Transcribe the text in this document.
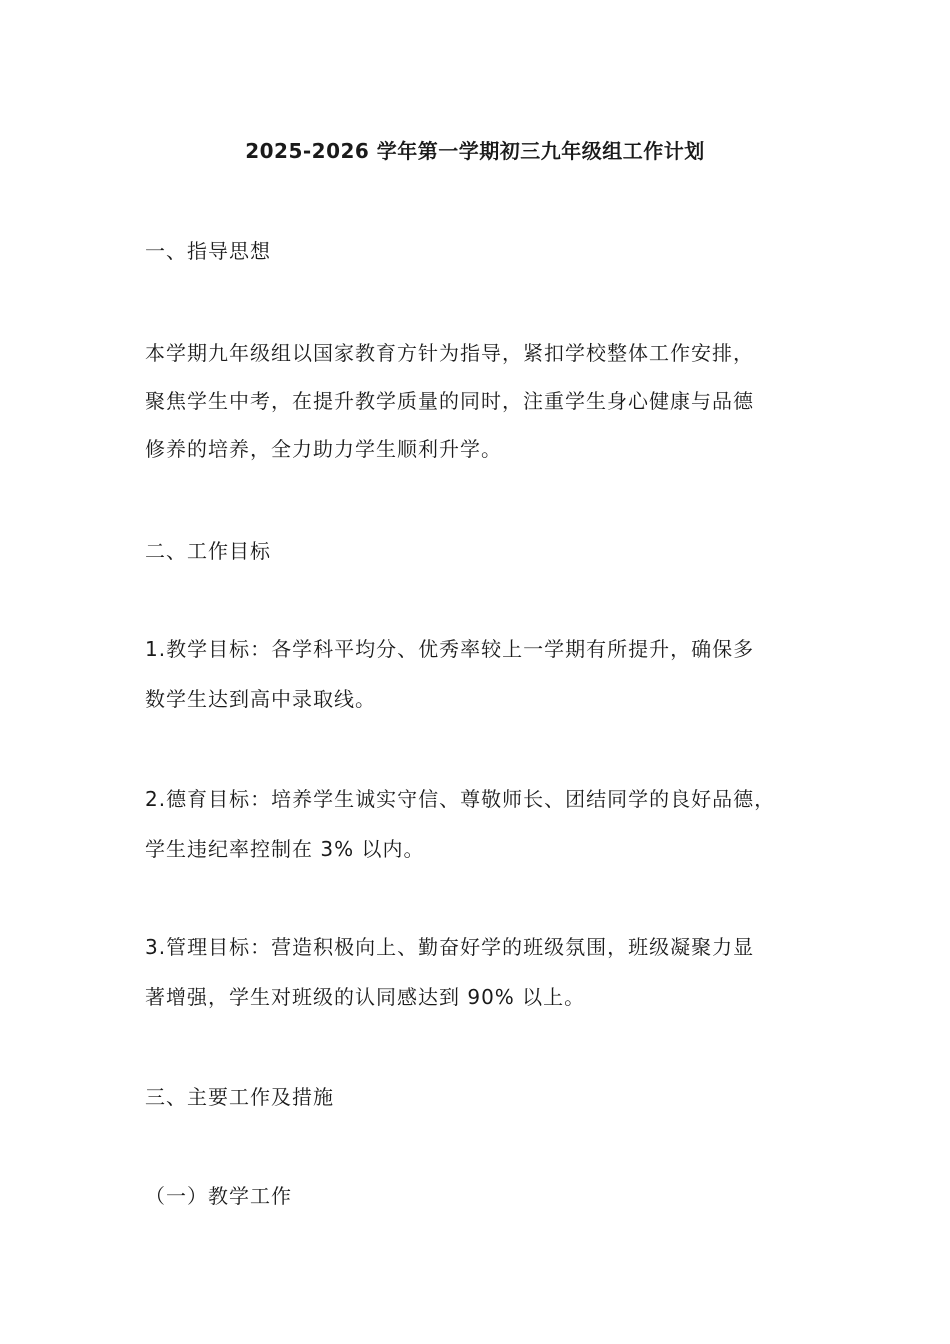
2025-2026 学年第一学期初三九年级组工作计划
一、指导思想
本学期九年级组以国家教育方针为指导，紧扣学校整体工作安排，
聚焦学生中考，在提升教学质量的同时，注重学生身心健康与品德
修养的培养，全力助力学生顺利升学。
二、工作目标
1.教学目标：各学科平均分、优秀率较上一学期有所提升，确保多
数学生达到高中录取线。
2.德育目标：培养学生诚实守信、尊敬师长、团结同学的良好品德，
学生违纪率控制在 3% 以内。
3.管理目标：营造积极向上、勤奋好学的班级氛围，班级凝聚力显
著增强，学生对班级的认同感达到 90% 以上。
三、主要工作及措施
（一）教学工作
